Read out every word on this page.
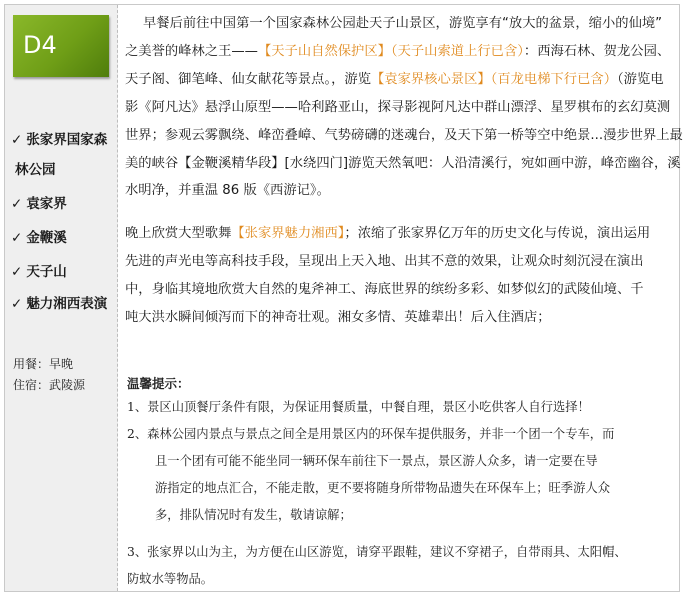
D4
✓ 张家界国家森
林公园
✓ 袁家界
✓ 金鞭溪
✓ 天子山
✓ 魅力湘西表演
用餐：早晚
住宿：武陵源
早餐后前往中国第一个国家森林公园赴天子山景区，游览享有“放大的盆景，缩小的仙境”
之美誉的峰林之王——【天子山自然保护区】（天子山索道上行已含）：西海石林、贺龙公园、
天子阁、御笔峰、仙女献花等景点。，游览【袁家界核心景区】（百龙电梯下行已含）（游览电
影《阿凡达》悬浮山原型——哈利路亚山，探寻影视阿凡达中群山漂浮、星罗棋布的玄幻莫测
世界；参观云雾飘绕、峰峦叠嶂、气势磅礴的迷魂台，及天下第一桥等空中绝景...漫步世界上最
美的峡谷【金鞭溪精华段】[水绕四门]游览天然氧吧：人沿清溪行，宛如画中游，峰峦幽谷，溪
水明净，并重温 86 版《西游记》。
晚上欣赏大型歌舞【张家界魅力湘西】；浓缩了张家界亿万年的历史文化与传说，演出运用
先进的声光电等高科技手段，呈现出上天入地、出其不意的效果，让观众时刻沉浸在演出
中，身临其境地欣赏大自然的鬼斧神工、海底世界的缤纷多彩、如梦似幻的武陵仙境、千
吨大洪水瞬间倾泻而下的神奇壮观。湘女多情、英雄辈出！后入住酒店；
温馨提示：
1、景区山顶餐厅条件有限，为保证用餐质量，中餐自理，景区小吃供客人自行选择！
2、森林公园内景点与景点之间全是用景区内的环保车提供服务，并非一个团一个专车，而
且一个团有可能不能坐同一辆环保车前往下一景点，景区游人众多，请一定要在导
游指定的地点汇合，不能走散，更不要将随身所带物品遗失在环保车上；旺季游人众
多，排队情况时有发生，敬请谅解；
3、张家界以山为主，为方便在山区游览，请穿平跟鞋，建议不穿裙子，自带雨具、太阳帽、
防蚊水等物品。
